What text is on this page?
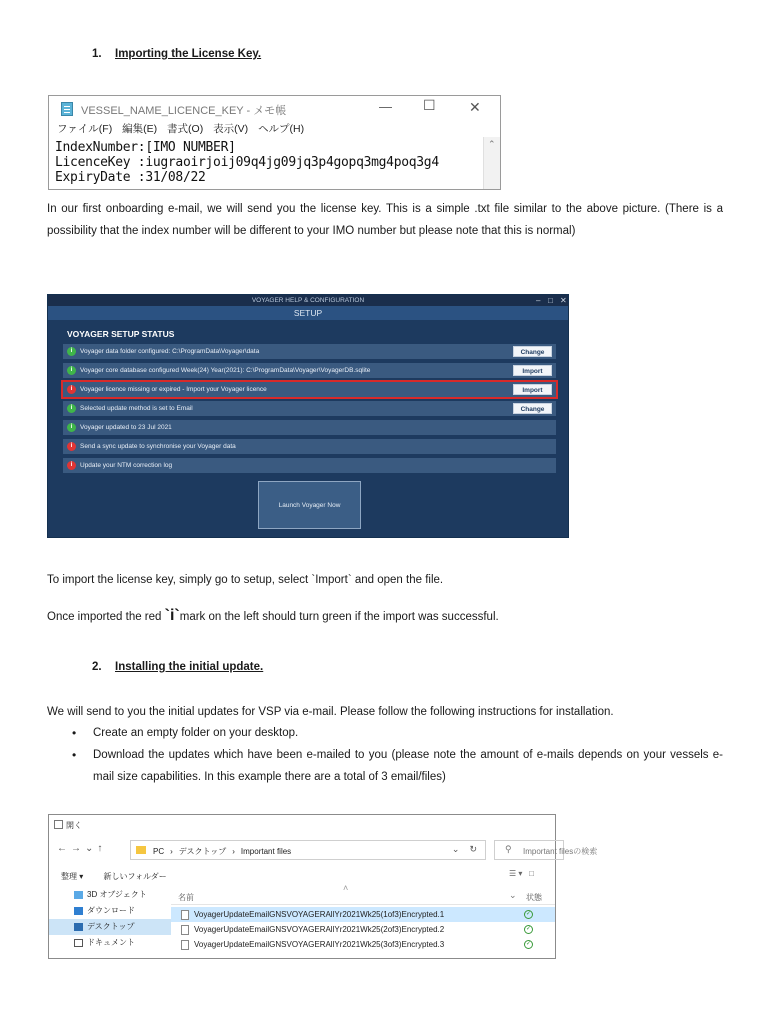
1. Importing the License Key.
VESSEL_NAME_LICENCE_KEY - メモ帳	— ☐ ✕
ファイル(F) 編集(E) 書式(O) 表示(V) ヘルプ(H)
IndexNumber:[IMO NUMBER]
LicenceKey :iugraoirjoij09q4jg09jq3p4gopq3mg4poq3g4
ExpiryDate :31/08/22
⌃

In our first onboarding e-mail, we will send you the license key. This is a simple .txt file similar to the above picture. (There is a possibility that the index number will be different to your IMO number but please note that this is normal)

VOYAGER HELP & CONFIGURATION	– □ ✕
SETUP
VOYAGER SETUP STATUS
i	Voyager data folder configured: C:\ProgramData\Voyager\data	Change
i	Voyager core database configured Week(24) Year(2021): C:\ProgramData\Voyager\VoyagerDB.sqlite	Import
i	Voyager licence missing or expired - Import your Voyager licence	Import
i	Selected update method is set to Email	Change
i	Voyager updated to 23 Jul 2021
i	Send a sync update to synchronise your Voyager data
i	Update your NTM correction log
Launch Voyager Now

To import the license key, simply go to setup, select `Import` and open the file.

Once imported the red `i`mark on the left should turn green if the import was successful.

2. Installing the initial update.

We will send to you the initial updates for VSP via e-mail. Please follow the following instructions for installation.

• Create an empty folder on your desktop.
• Download the updates which have been e-mailed to you (please note the amount of e-mails depends on your vessels e-mail size capabilities. In this example there are a total of 3 email/files)
開く
←→⌄↑	PC › デスクトップ › Important files	⌄    ↻	⚲ Important filesの検索
整理 ▾	新しいフォルダー	☰ ▾   □
3D オブジェクト
ダウンロード
デスクトップ
ドキュメント
˄
名前	⌄ 状態
VoyagerUpdateEmailGNSVOYAGERAllYr2021Wk25(1of3)Encrypted.1	✓
VoyagerUpdateEmailGNSVOYAGERAllYr2021Wk25(2of3)Encrypted.2	✓
VoyagerUpdateEmailGNSVOYAGERAllYr2021Wk25(3of3)Encrypted.3	✓
